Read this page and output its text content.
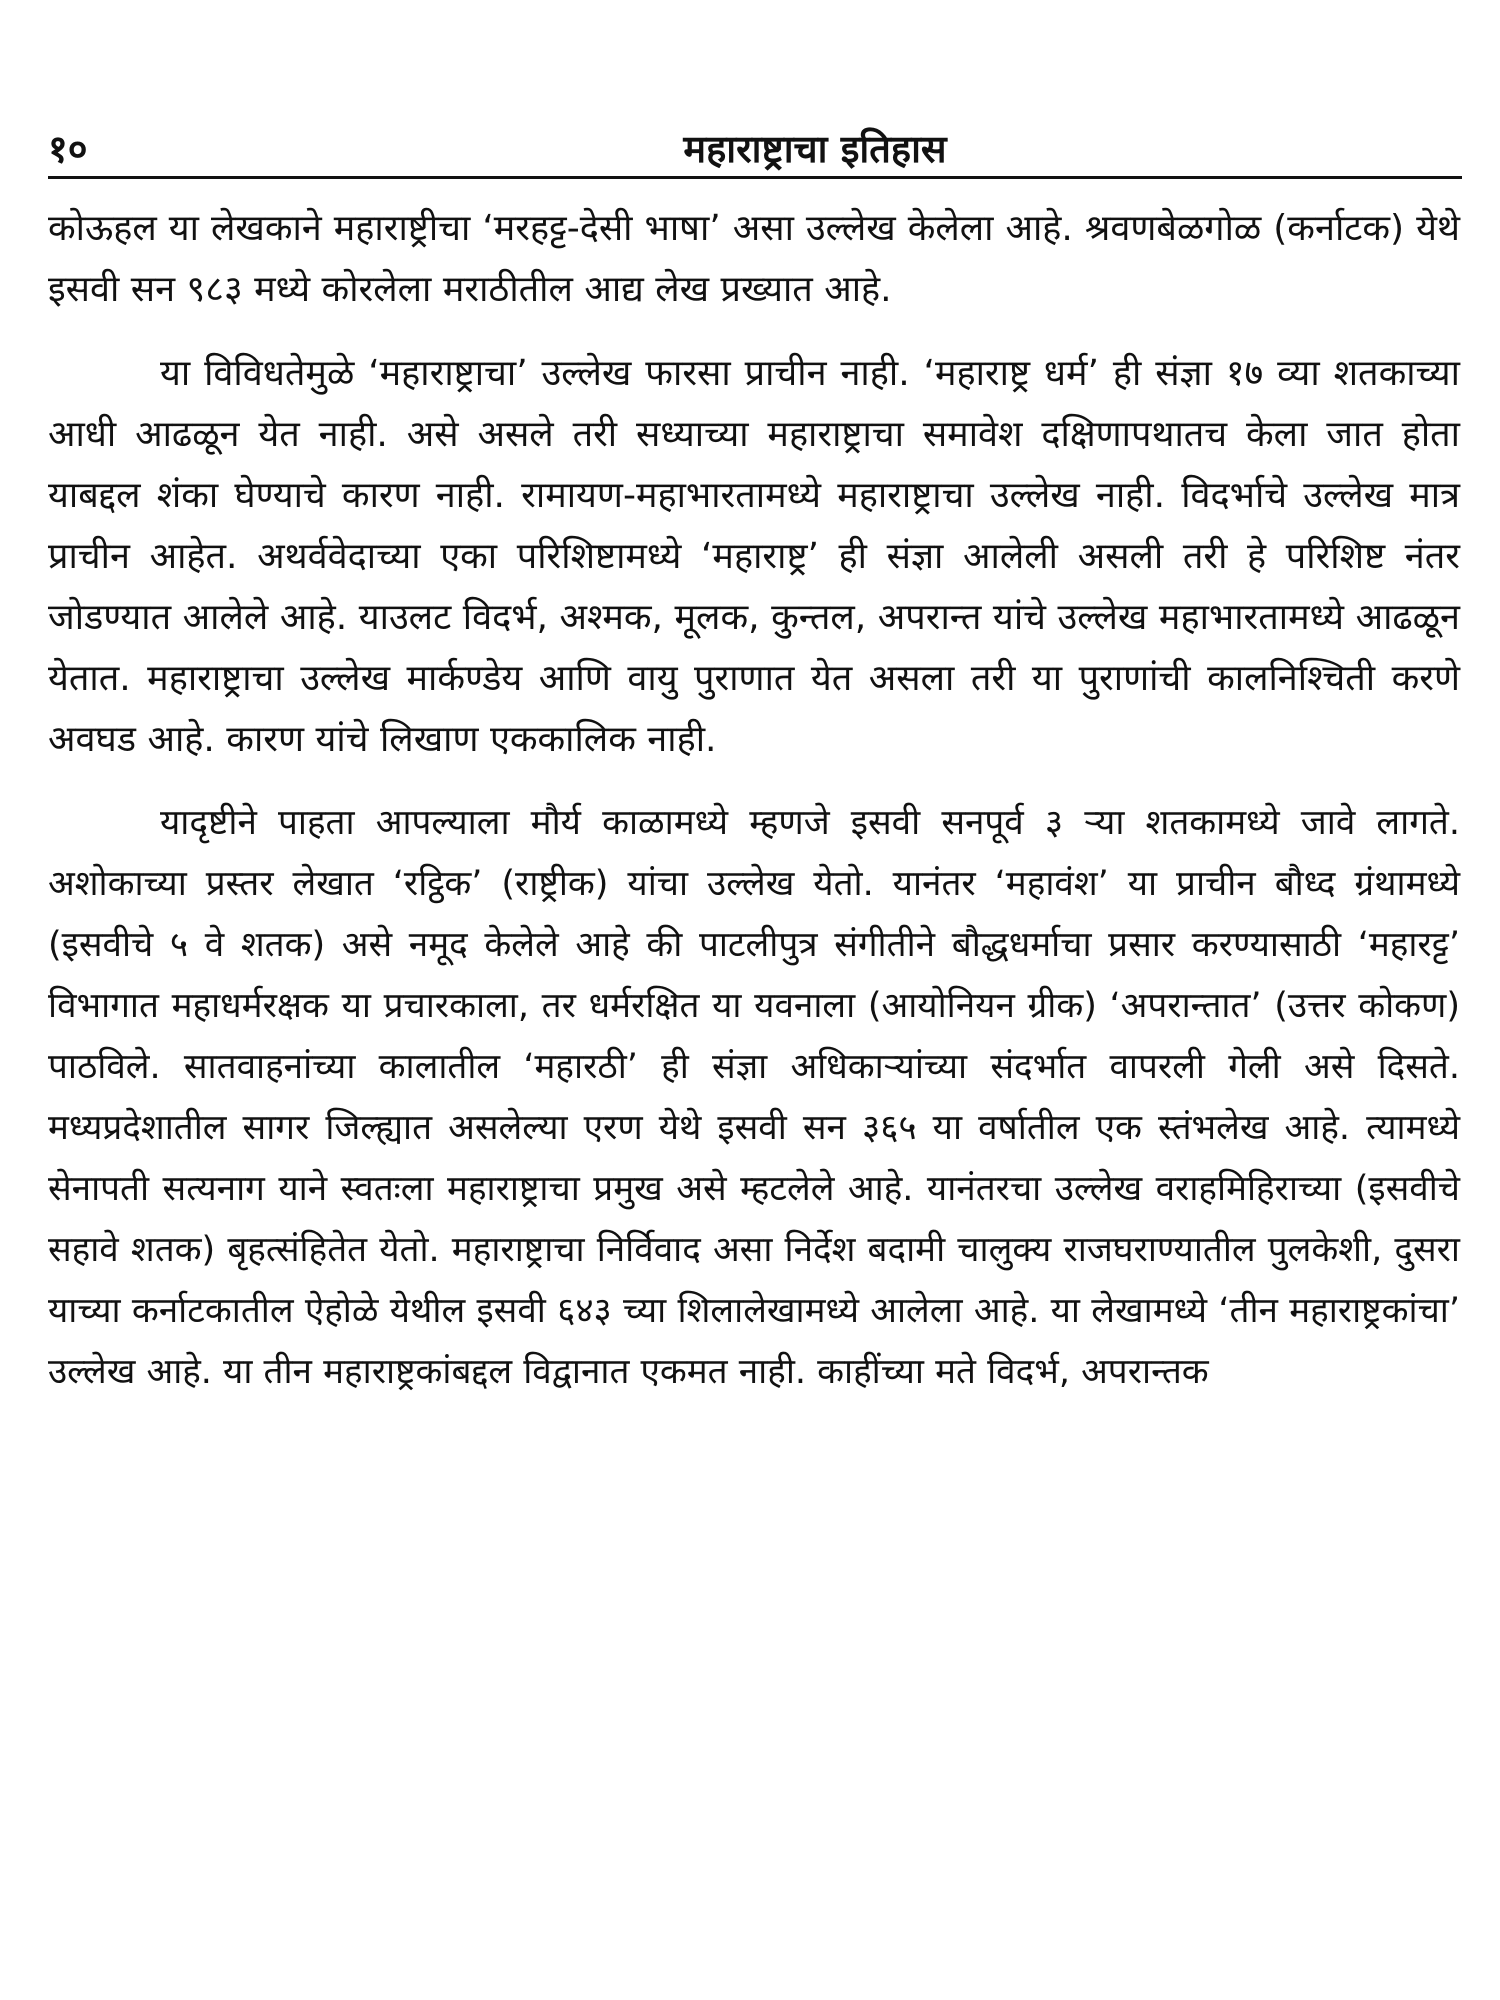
१०	महाराष्ट्राचा इतिहास

कोऊहल या लेखकाने महाराष्ट्रीचा ‘मरहट्ट-देसी भाषा’ असा उल्लेख केलेला आहे. श्रवणबेळगोळ (कर्नाटक) येथे इसवी सन ९८३ मध्ये कोरलेला मराठीतील आद्य लेख प्रख्यात आहे.

या विविधतेमुळे ‘महाराष्ट्राचा’ उल्लेख फारसा प्राचीन नाही. ‘महाराष्ट्र धर्म’ ही संज्ञा १७ व्या शतकाच्या आधी आढळून येत नाही. असे असले तरी सध्याच्या महाराष्ट्राचा समावेश दक्षिणापथातच केला जात होता याबद्दल शंका घेण्याचे कारण नाही. रामायण-महाभारतामध्ये महाराष्ट्राचा उल्लेख नाही. विदर्भाचे उल्लेख मात्र प्राचीन आहेत. अथर्ववेदाच्या एका परिशिष्टामध्ये ‘महाराष्ट्र’ ही संज्ञा आलेली असली तरी हे परिशिष्ट नंतर जोडण्यात आलेले आहे. याउलट विदर्भ, अश्मक, मूलक, कुन्तल, अपरान्त यांचे उल्लेख महाभारतामध्ये आढळून येतात. महाराष्ट्राचा उल्लेख मार्कण्डेय आणि वायु पुराणात येत असला तरी या पुराणांची कालनिश्चिती करणे अवघड आहे. कारण यांचे लिखाण एककालिक नाही.

यादृष्टीने पाहता आपल्याला मौर्य काळामध्ये म्हणजे इसवी सनपूर्व ३ ऱ्या शतकामध्ये जावे लागते. अशोकाच्या प्रस्तर लेखात ‘रट्ठिक’ (राष्ट्रीक) यांचा उल्लेख येतो. यानंतर ‘महावंश’ या प्राचीन बौध्द ग्रंथामध्ये (इसवीचे ५ वे शतक) असे नमूद केलेले आहे की पाटलीपुत्र संगीतीने बौद्धधर्माचा प्रसार करण्यासाठी ‘महारट्ट’ विभागात महाधर्मरक्षक या प्रचारकाला, तर धर्मरक्षित या यवनाला (आयोनियन ग्रीक) ‘अपरान्तात’ (उत्तर कोकण) पाठविले. सातवाहनांच्या कालातील ‘महारठी’ ही संज्ञा अधिकाऱ्यांच्या संदर्भात वापरली गेली असे दिसते. मध्यप्रदेशातील सागर जिल्ह्यात असलेल्या एरण येथे इसवी सन ३६५ या वर्षातील एक स्तंभलेख आहे. त्यामध्ये सेनापती सत्यनाग याने स्वतःला महाराष्ट्राचा प्रमुख असे म्हटलेले आहे. यानंतरचा उल्लेख वराहमिहिराच्या (इसवीचे सहावे शतक) बृहत्संहितेत येतो. महाराष्ट्राचा निर्विवाद असा निर्देश बदामी चालुक्य राजघराण्यातील पुलकेशी, दुसरा याच्या कर्नाटकातील ऐहोळे येथील इसवी ६४३ च्या शिलालेखामध्ये आलेला आहे. या लेखामध्ये ‘तीन महाराष्ट्रकांचा’ उल्लेख आहे. या तीन महाराष्ट्रकांबद्दल विद्वानात एकमत नाही. काहींच्या मते विदर्भ, अपरान्तक
